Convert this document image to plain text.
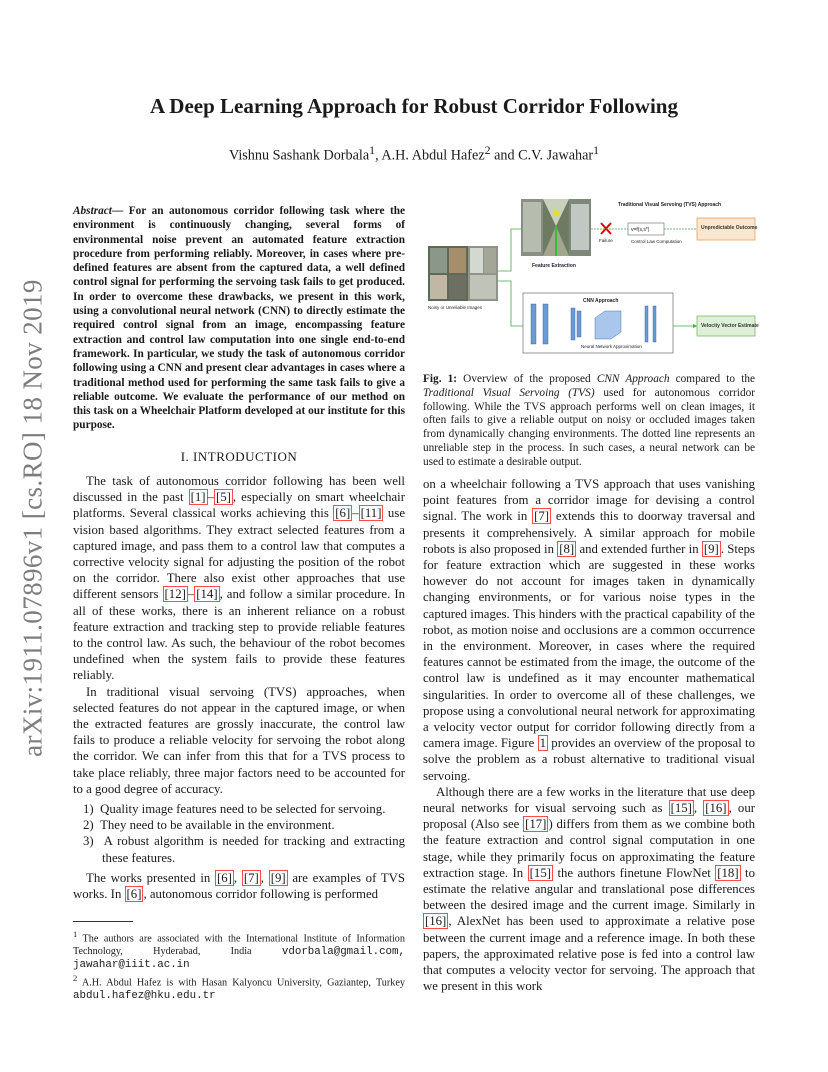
arXiv:1911.07896v1 [cs.RO] 18 Nov 2019
A Deep Learning Approach for Robust Corridor Following
Vishnu Sashank Dorbala$^1$, A.H. Abdul Hafez$^2$ and C.V. Jawahar$^1$
Abstract— For an autonomous corridor following task where the environment is continuously changing, several forms of environmental noise prevent an automated feature extraction procedure from performing reliably. Moreover, in cases where pre-defined features are absent from the captured data, a well defined control signal for performing the servoing task fails to get produced. In order to overcome these drawbacks, we present in this work, using a convolutional neural network (CNN) to directly estimate the required control signal from an image, encompassing feature extraction and control law computation into one single end-to-end framework. In particular, we study the task of autonomous corridor following using a CNN and present clear advantages in cases where a traditional method used for performing the same task fails to give a reliable outcome. We evaluate the performance of our method on this task on a Wheelchair Platform developed at our institute for this purpose.
I. INTRODUCTION

The task of autonomous corridor following has been well discussed in the past [1] – [5] , especially on smart wheelchair platforms. Several classical works achieving this [6] – [11] use vision based algorithms. They extract selected features from a captured image, and pass them to a control law that computes a corrective velocity signal for adjusting the position of the robot on the corridor. There also exist other approaches that use different sensors [12] – [14] , and follow a similar procedure. In all of these works, there is an inherent reliance on a robust feature extraction and tracking step to provide reliable features to the control law. As such, the behaviour of the robot becomes undefined when the system fails to provide these features reliably.

In traditional visual servoing (TVS) approaches, when selected features do not appear in the captured image, or when the extracted features are grossly inaccurate, the control law fails to produce a reliable velocity for servoing the robot along the corridor. We can infer from this that for a TVS process to take place reliably, three major factors need to be accounted for to a good degree of accuracy.

1) Quality image features need to be selected for servoing.
2) They need to be available in the environment.
3) A robust algorithm is needed for tracking and extracting these features.

The works presented in [6] , [7] , [9] are examples of TVS works. In [6] , autonomous corridor following is performed

$^1$ The authors are associated with the International Institute of Information Technology, Hyderabad, India vdorbala@gmail.com, jawahar@iiit.ac.in
$^2$ A.H. Abdul Hafez is with Hasan Kalyoncu University, Gaziantep, Turkey abdul.hafez@hku.edu.tr
Feature Extraction
Traditional Visual Servoing (TVS) Approach
v=f(s,s*)
Failure	Control Law Computation
Unpredictable Outcome
Noisy or Unreliable Images
CNN Approach
Neural Network Approximation
Velocity Vector Estimate
Fig. 1: Overview of the proposed CNN Approach compared to the Traditional Visual Servoing (TVS) used for autonomous corridor following. While the TVS approach performs well on clean images, it often fails to give a reliable output on noisy or occluded images taken from dynamically changing environments. The dotted line represents an unreliable step in the process. In such cases, a neural network can be used to estimate a desirable output.

on a wheelchair following a TVS approach that uses vanishing point features from a corridor image for devising a control signal. The work in [7] extends this to doorway traversal and presents it comprehensively. A similar approach for mobile robots is also proposed in [8] and extended further in [9] . Steps for feature extraction which are suggested in these works however do not account for images taken in dynamically changing environments, or for various noise types in the captured images. This hinders with the practical capability of the robot, as motion noise and occlusions are a common occurrence in the environment. Moreover, in cases where the required features cannot be estimated from the image, the outcome of the control law is undefined as it may encounter mathematical singularities. In order to overcome all of these challenges, we propose using a convolutional neural network for approximating a velocity vector output for corridor following directly from a camera image. Figure 1 provides an overview of the proposal to solve the problem as a robust alternative to traditional visual servoing.

Although there are a few works in the literature that use deep neural networks for visual servoing such as [15] , [16] , our proposal (Also see [17] ) differs from them as we combine both the feature extraction and control signal computation in one stage, while they primarily focus on approximating the feature extraction stage. In [15] the authors finetune FlowNet [18] to estimate the relative angular and translational pose differences between the desired image and the current image. Similarly in [16] , AlexNet has been used to approximate a relative pose between the current image and a reference image. In both these papers, the approximated relative pose is fed into a control law that computes a velocity vector for servoing. The approach that we present in this work
